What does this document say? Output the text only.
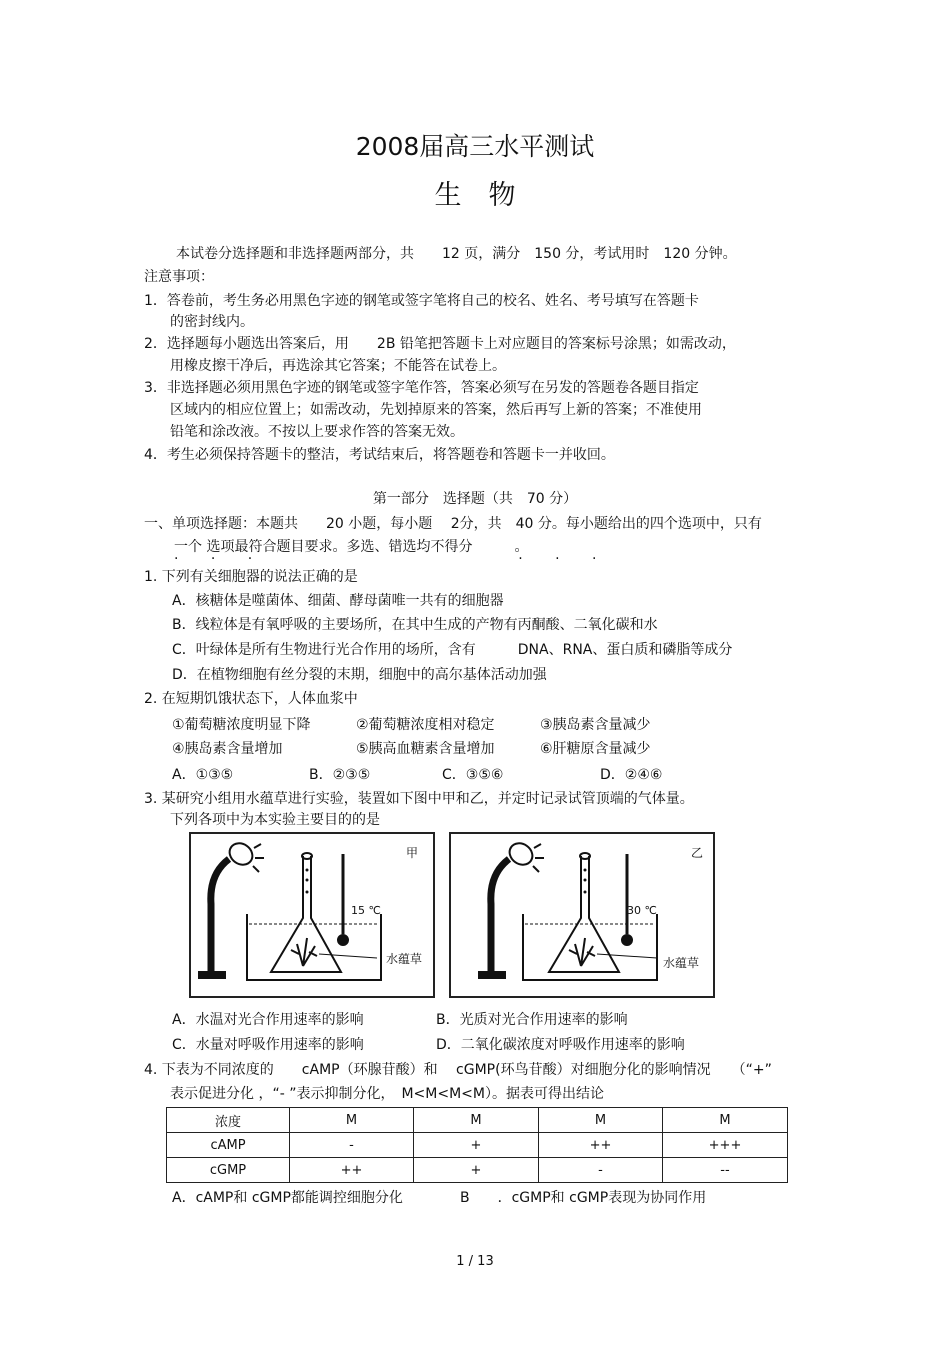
2008届高三水平测试
生　物
本试卷分选择题和非选择题两部分，共　　12 页，满分　150 分，考试用时　120 分钟。
注意事项：
1．答卷前，考生务必用黑色字迹的钢笔或签字笔将自己的校名、姓名、考号填写在答题卡
的密封线内。
2．选择题每小题选出答案后，用　　2B 铅笔把答题卡上对应题目的答案标号涂黑；如需改动，
用橡皮擦干净后，再选涂其它答案；不能答在试卷上。
3．非选择题必须用黑色字迹的钢笔或签字笔作答，答案必须写在另发的答题卷各题目指定
区域内的相应位置上；如需改动，先划掉原来的答案，然后再写上新的答案；不准使用
铅笔和涂改液。不按以上要求作答的答案无效。
4．考生必须保持答题卡的整洁，考试结束后，将答题卷和答题卡一并收回。
第一部分　选择题（共　70 分）
一、单项选择题：本题共　　20 小题，每小题　 2分，共　40 分。每小题给出的四个选项中，只有
一个 选项最符合题目要求。多选、错选均不得分　　　。
· · ·　　　　　　　　　· · ·
1. 下列有关细胞器的说法正确的是
A．核糖体是噬菌体、细菌、酵母菌唯一共有的细胞器
B．线粒体是有氧呼吸的主要场所，在其中生成的产物有丙酮酸、二氧化碳和水
C．叶绿体是所有生物进行光合作用的场所，含有　　　DNA、RNA、蛋白质和磷脂等成分
D．在植物细胞有丝分裂的末期，细胞中的高尔基体活动加强
2. 在短期饥饿状态下，人体血浆中
①葡萄糖浓度明显下降	②葡萄糖浓度相对稳定	③胰岛素含量减少
④胰岛素含量增加	⑤胰高血糖素含量增加	⑥肝糖原含量减少
A．①③⑤	B．②③⑤	C．③⑤⑥	D．②④⑥
3. 某研究小组用水蕴草进行实验，装置如下图中甲和乙，并定时记录试管顶端的气体量。
下列各项中为本实验主要目的的是
甲
15 ℃
水蕴草
乙
30 ℃
水蕴草
A．水温对光合作用速率的影响	B．光质对光合作用速率的影响
C．水量对呼吸作用速率的影响	D．二氧化碳浓度对呼吸作用速率的影响
4. 下表为不同浓度的　　cAMP（环腺苷酸）和　 cGMP(环鸟苷酸）对细胞分化的影响情况　　（“+”
表示促进分化 ，“- ”表示抑制分化，　M<M<M<M）。据表可得出结论
浓度	M	M	M	M
cAMP	-	+	++	+++
cGMP	++	+	-	--
A．cAMP和 cGMP都能调控细胞分化	B　　．cGMP和 cGMP表现为协同作用
1 / 13
